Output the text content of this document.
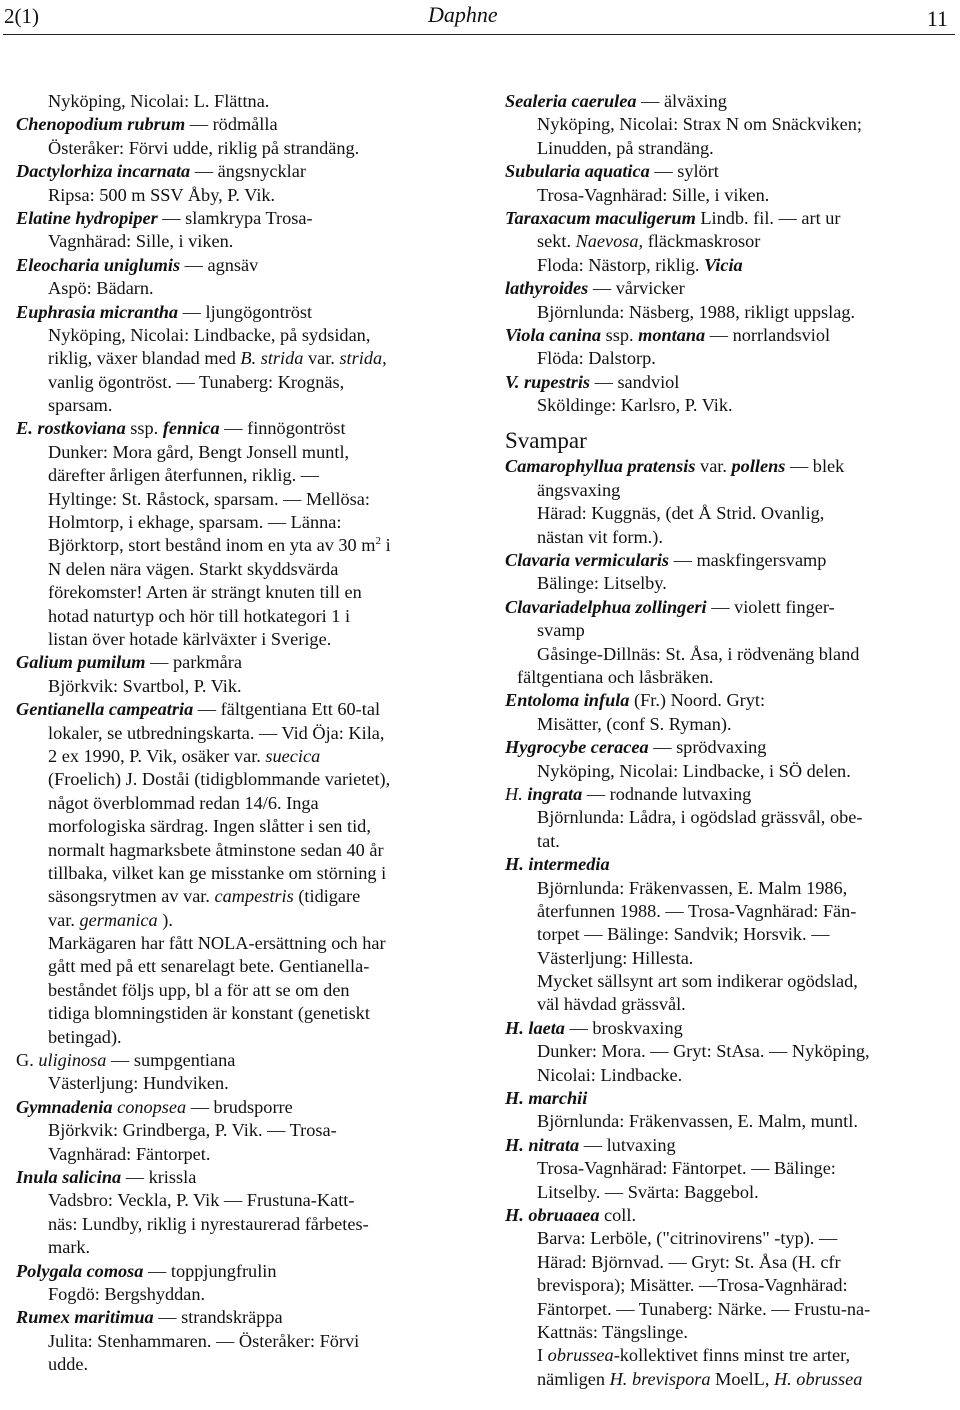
2(1)	Daphne	11
Nyköping, Nicolai: L. Flättna.
Chenopodium rubrum — rödmålla
Österåker: Förvi udde, riklig på strandäng.
Dactylorhiza incarnata — ängsnycklar
Ripsa: 500 m SSV Åby, P. Vik.
Elatine hydropiper — slamkrypa Trosa-
Vagnhärad: Sille, i viken.
Eleocharia uniglumis — agnsäv
Aspö: Bädarn.
Euphrasia micrantha — ljungögontröst
Nyköping, Nicolai: Lindbacke, på sydsidan,
riklig, växer blandad med B. strida var. strida,
vanlig ögontröst. — Tunaberg: Krognäs,
sparsam.
E. rostkoviana ssp. fennica — finnögontröst
Dunker: Mora gård, Bengt Jonsell muntl,
därefter årligen återfunnen, riklig. —
Hyltinge: St. Råstock, sparsam. — Mellösa:
Holmtorp, i ekhage, sparsam. — Länna:
Björktorp, stort bestånd inom en yta av 30 $m^2$ i
N delen nära vägen. Starkt skyddsvärda
förekomster! Arten är strängt knuten till en
hotad naturtyp och hör till hotkategori 1 i
listan över hotade kärlväxter i Sverige.
Galium pumilum — parkmåra
Björkvik: Svartbol, P. Vik.
Gentianella campeatria — fältgentiana Ett 60-tal
lokaler, se utbredningskarta. — Vid Öja: Kila,
2 ex 1990, P. Vik, osäker var. suecica
(Froelich) J. Doståi (tidigblommande varietet),
något överblommad redan 14/6. Inga
morfologiska särdrag. Ingen slåtter i sen tid,
normalt hagmarksbete åtminstone sedan 40 år
tillbaka, vilket kan ge misstanke om störning i
säsongsrytmen av var. campestris (tidigare
var. germanica ).
Markägaren har fått NOLA-ersättning och har
gått med på ett senarelagt bete. Gentianella-
beståndet följs upp, bl a för att se om den
tidiga blomningstiden är konstant (genetiskt
betingad).
G. uliginosa — sumpgentiana
Västerljung: Hundviken.
Gymnadenia conopsea — brudsporre
Björkvik: Grindberga, P. Vik. — Trosa-
Vagnhärad: Fäntorpet.
Inula salicina — krissla
Vadsbro: Veckla, P. Vik — Frustuna-Katt-
näs: Lundby, riklig i nyrestaurerad fårbetes-
mark.
Polygala comosa — toppjungfrulin
Fogdö: Bergshyddan.
Rumex maritimua — strandskräppa
Julita: Stenhammaren. — Österåker: Förvi
udde.
Sealeria caerulea — älväxing
Nyköping, Nicolai: Strax N om Snäckviken;
Linudden, på strandäng.
Subularia aquatica — sylört
Trosa-Vagnhärad: Sille, i viken.
Taraxacum maculigerum Lindb. fil. — art ur
sekt. Naevosa, fläckmaskrosor
Floda: Nästorp, riklig. Vicia
lathyroides — vårvicker
Björnlunda: Näsberg, 1988, rikligt uppslag.
Viola canina ssp. montana — norrlandsviol
Flöda: Dalstorp.
V. rupestris — sandviol
Sköldinge: Karlsro, P. Vik.
Svampar
Camarophyllua pratensis var. pollens — blek
ängsvaxing
Härad: Kuggnäs, (det Å Strid. Ovanlig,
nästan vit form.).
Clavaria vermicularis — maskfingersvamp
Bälinge: Litselby.
Clavariadelphua zollingeri — violett finger-
svamp
Gåsinge-Dillnäs: St. Åsa, i rödvenäng bland
fältgentiana och låsbräken.
Entoloma infula (Fr.) Noord. Gryt:
Misätter, (conf S. Ryman).
Hygrocybe ceracea — sprödvaxing
Nyköping, Nicolai: Lindbacke, i SÖ delen.
H. ingrata — rodnande lutvaxing
Björnlunda: Lådra, i ogödslad grässvål, obe-
tat.
H. intermedia
Björnlunda: Fräkenvassen, E. Malm 1986,
återfunnen 1988. — Trosa-Vagnhärad: Fän-
torpet — Bälinge: Sandvik; Horsvik. —
Västerljung: Hillesta.
Mycket sällsynt art som indikerar ogödslad,
väl hävdad grässvål.
H. laeta — broskvaxing
Dunker: Mora. — Gryt: StAsa. — Nyköping,
Nicolai: Lindbacke.
H. marchii
Björnlunda: Fräkenvassen, E. Malm, muntl.
H. nitrata — lutvaxing
Trosa-Vagnhärad: Fäntorpet. — Bälinge:
Litselby. — Svärta: Baggebol.
H. obruaaea coll.
Barva: Lerböle, ("citrinovirens" -typ). —
Härad: Björnvad. — Gryt: St. Åsa (H. cfr
brevispora); Misätter. —Trosa-Vagnhärad:
Fäntorpet. — Tunaberg: Närke. — Frustu-na-
Kattnäs: Tängslinge.
I obrussea-kollektivet finns minst tre arter,
nämligen H. brevispora MoelL, H. obrussea
